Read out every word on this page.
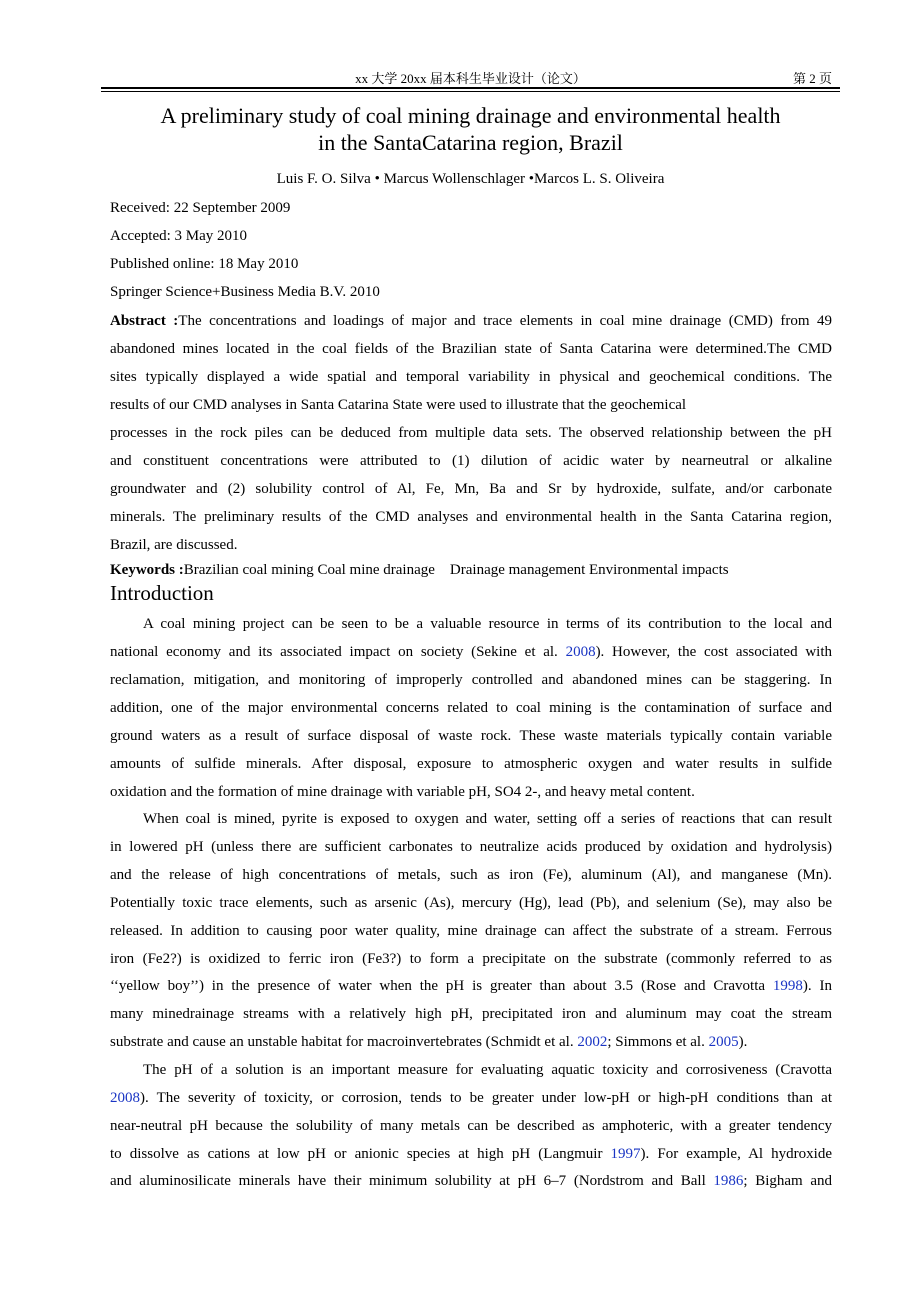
xx 大学 20xx 届本科生毕业设计（论文）	第 2 页
A preliminary study of coal mining drainage and environmental health
in the SantaCatarina region, Brazil
Luis F. O. Silva • Marcus Wollenschlager •Marcos L. S. Oliveira
Received: 22 September 2009
Accepted: 3 May 2010
Published online: 18 May 2010
Springer Science+Business Media B.V. 2010
Abstract :The concentrations and loadings of major and trace elements in coal mine drainage (CMD) from 49
abandoned mines located in the coal fields of the Brazilian state of Santa Catarina were determined.The CMD
sites typically displayed a wide spatial and temporal variability in physical and geochemical conditions. The
results of our CMD analyses in Santa Catarina State were used to illustrate that the geochemical
processes in the rock piles can be deduced from multiple data sets. The observed relationship between the pH
and constituent concentrations were attributed to (1) dilution of acidic water by nearneutral or alkaline
groundwater and (2) solubility control of Al, Fe, Mn, Ba and Sr by hydroxide, sulfate, and/or carbonate
minerals. The preliminary results of the CMD analyses and environmental health in the Santa Catarina region,
Brazil, are discussed.
Keywords :Brazilian coal mining Coal mine drainage    Drainage management Environmental impacts
Introduction
A coal mining project can be seen to be a valuable resource in terms of its contribution to the local and
national economy and its associated impact on society (Sekine et al. 2008). However, the cost associated with
reclamation, mitigation, and monitoring of improperly controlled and abandoned mines can be staggering. In
addition, one of the major environmental concerns related to coal mining is the contamination of surface and
ground waters as a result of surface disposal of waste rock. These waste materials typically contain variable
amounts of sulfide minerals. After disposal, exposure to atmospheric oxygen and water results in sulfide
oxidation and the formation of mine drainage with variable pH, SO4 2-, and heavy metal content.
When coal is mined, pyrite is exposed to oxygen and water, setting off a series of reactions that can result
in lowered pH (unless there are sufficient carbonates to neutralize acids produced by oxidation and hydrolysis)
and the release of high concentrations of metals, such as iron (Fe), aluminum (Al), and manganese (Mn).
Potentially toxic trace elements, such as arsenic (As), mercury (Hg), lead (Pb), and selenium (Se), may also be
released. In addition to causing poor water quality, mine drainage can affect the substrate of a stream. Ferrous
iron (Fe2?) is oxidized to ferric iron (Fe3?) to form a precipitate on the substrate (commonly referred to as
‘‘yellow boy’’) in the presence of water when the pH is greater than about 3.5 (Rose and Cravotta 1998). In
many minedrainage streams with a relatively high pH, precipitated iron and aluminum may coat the stream
substrate and cause an unstable habitat for macroinvertebrates (Schmidt et al. 2002; Simmons et al. 2005).
The pH of a solution is an important measure for evaluating aquatic toxicity and corrosiveness (Cravotta
2008). The severity of toxicity, or corrosion, tends to be greater under low-pH or high-pH conditions than at
near-neutral pH because the solubility of many metals can be described as amphoteric, with a greater tendency
to dissolve as cations at low pH or anionic species at high pH (Langmuir 1997). For example, Al hydroxide
and aluminosilicate minerals have their minimum solubility at pH 6–7 (Nordstrom and Ball 1986; Bigham and
